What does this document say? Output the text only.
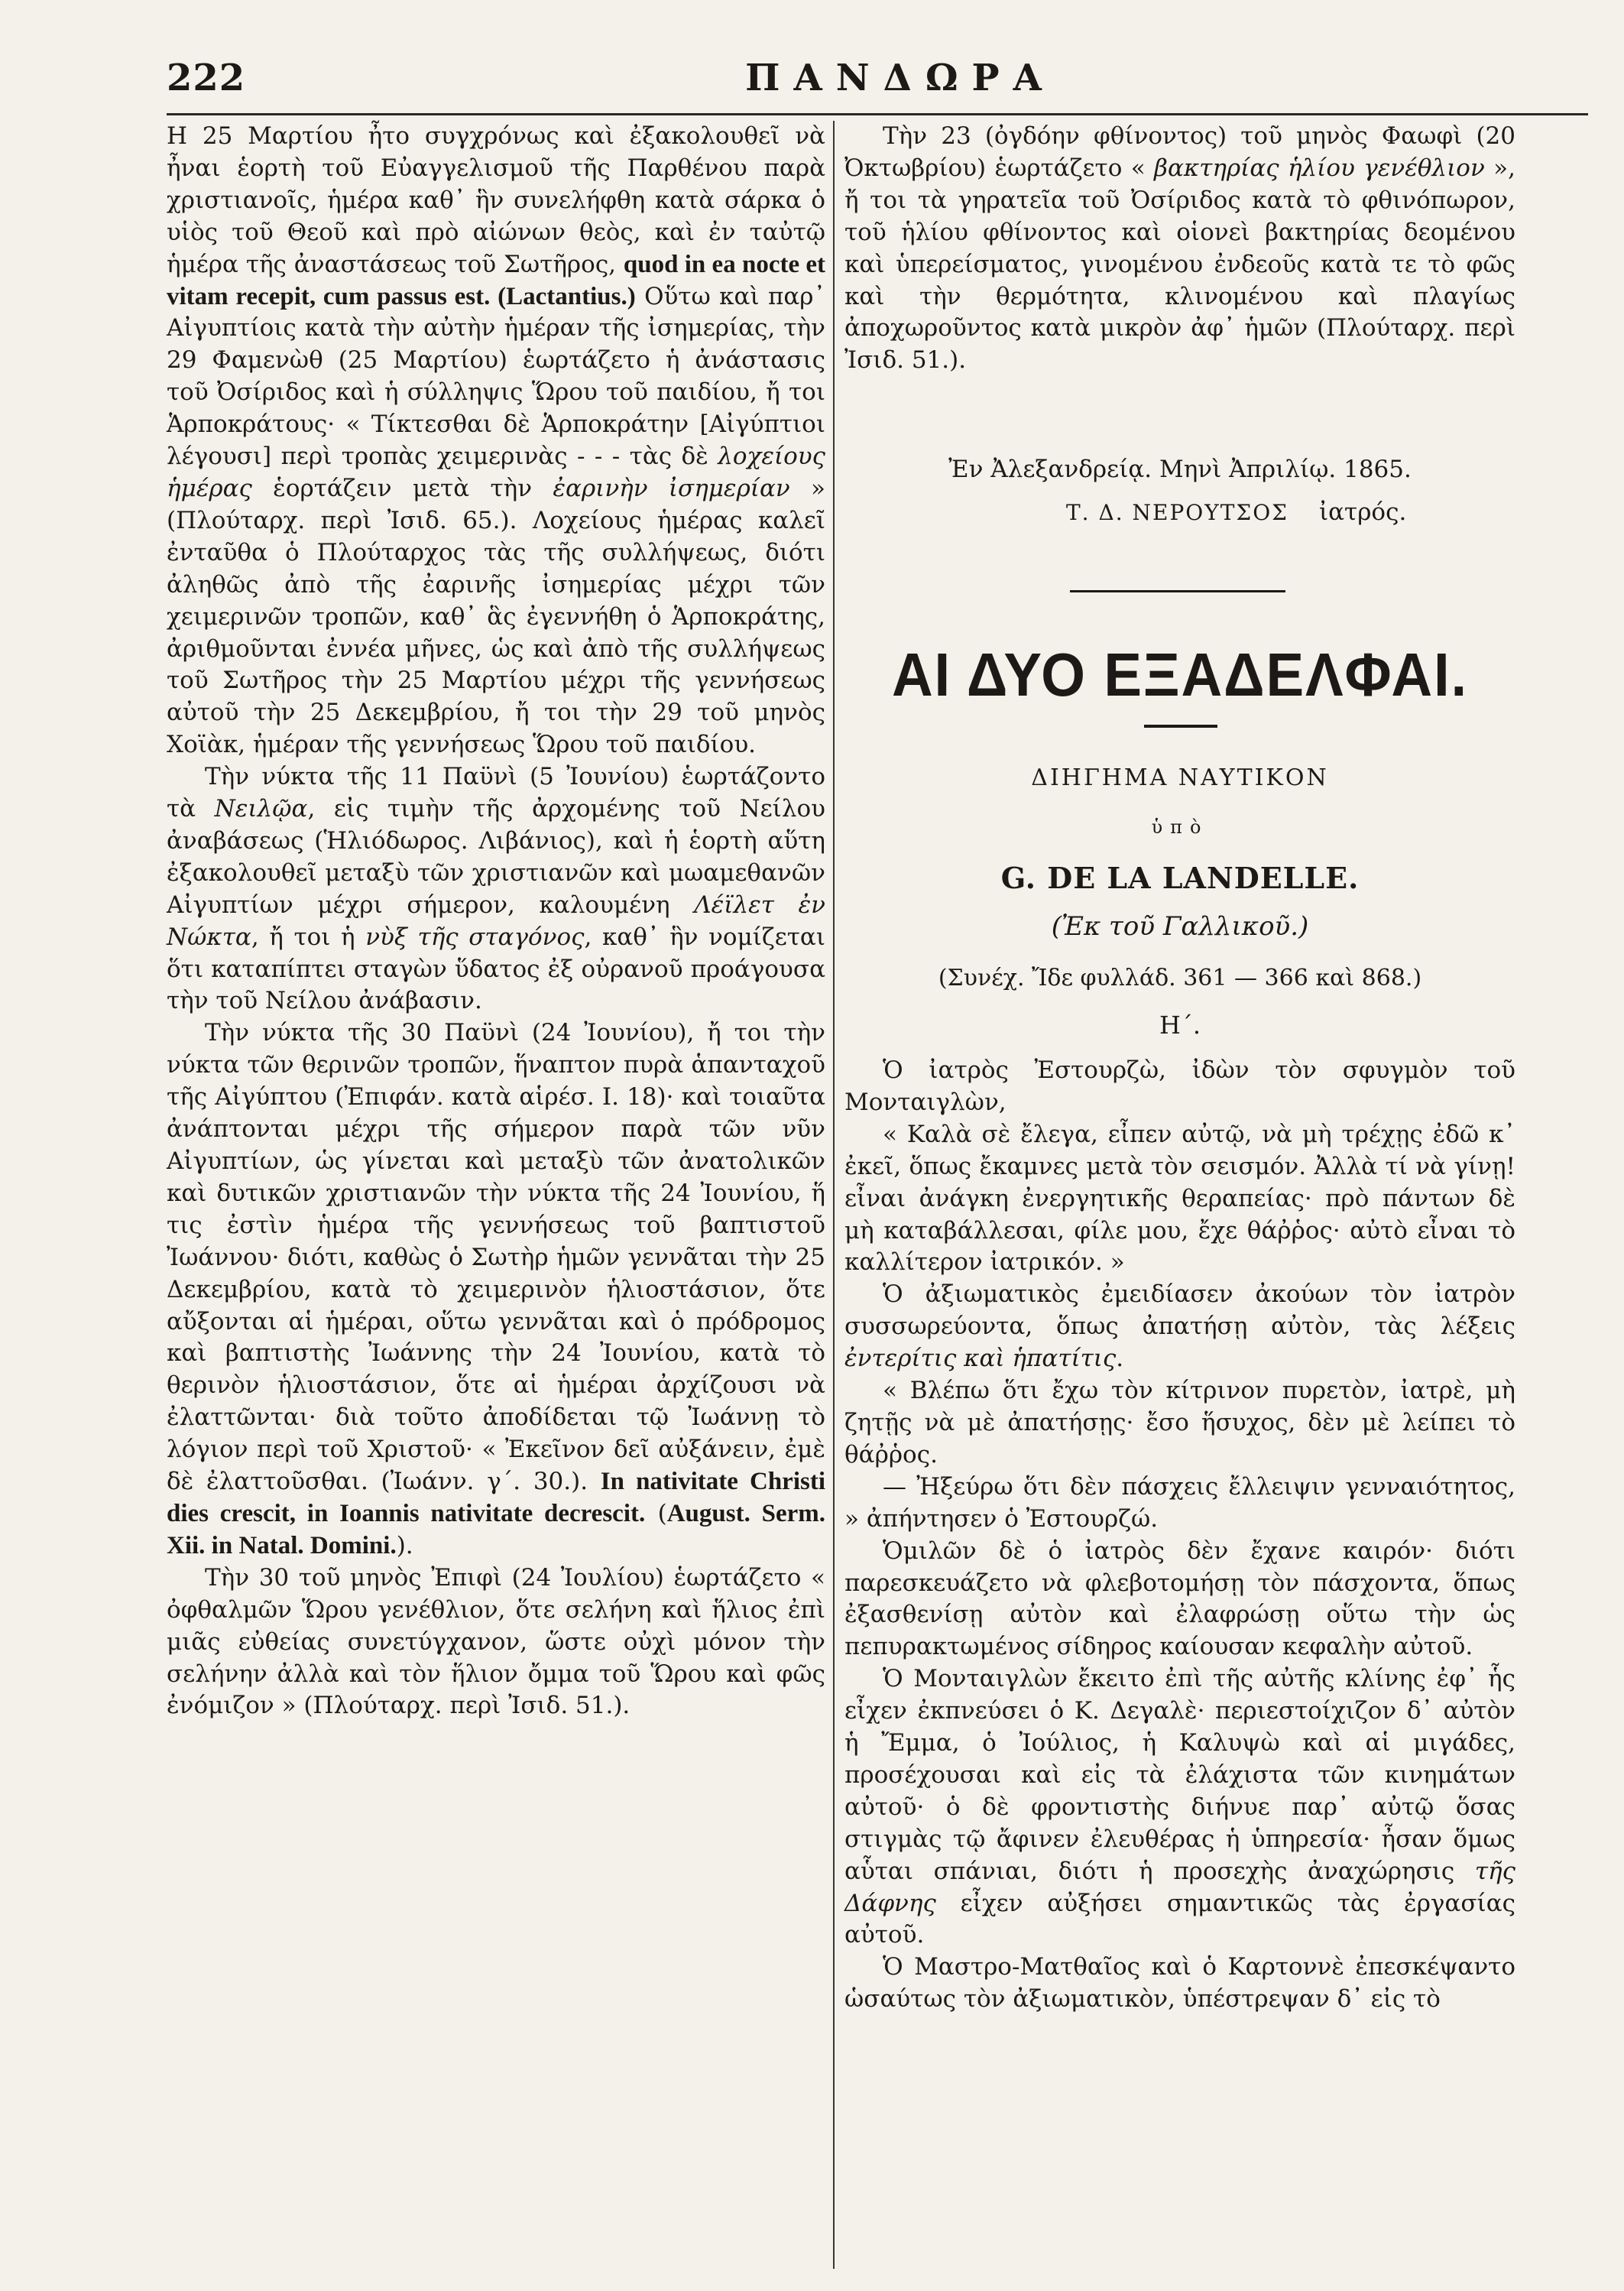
222	ΠΑΝΔΩΡΑ

Η 25 Μαρτίου ἦτο συγχρόνως καὶ ἐξακολουθεῖ νὰ ἦναι ἑορτὴ τοῦ Εὐαγγελισμοῦ τῆς Παρθένου παρὰ χριστιανοῖς, ἡμέρα καθ᾿ ἣν συνελήφθη κατὰ σάρκα ὁ υἱὸς τοῦ Θεοῦ καὶ πρὸ αἰώνων θεὸς, καὶ ἐν ταὐτῷ ἡμέρα τῆς ἀναστάσεως τοῦ Σωτῆρος, quod in ea nocte et vitam recepit, cum passus est. (Lactantius.) Οὕτω καὶ παρ᾿ Αἰγυπτίοις κατὰ τὴν αὐτὴν ἡμέραν τῆς ἰσημερίας, τὴν 29 Φαμενὼθ (25 Μαρτίου) ἑωρτάζετο ἡ ἀνάστασις τοῦ Ὀσίριδος καὶ ἡ σύλληψις Ὥρου τοῦ παιδίου, ἤ τοι Ἁρποκράτους· « Τίκτεσθαι δὲ Ἁρποκράτην [Αἰγύπτιοι λέγουσι] περὶ τροπὰς χειμερινὰς - - - τὰς δὲ λοχείους ἡμέρας ἑορτάζειν μετὰ τὴν ἐαρινὴν ἰσημερίαν » (Πλούταρχ. περὶ Ἰσιδ. 65.). Λοχείους ἡμέρας καλεῖ ἐνταῦθα ὁ Πλούταρχος τὰς τῆς συλλήψεως, διότι ἀληθῶς ἀπὸ τῆς ἐαρινῆς ἰσημερίας μέχρι τῶν χειμερινῶν τροπῶν, καθ᾿ ἃς ἐγεννήθη ὁ Ἁρποκράτης, ἀριθμοῦνται ἐννέα μῆνες, ὡς καὶ ἀπὸ τῆς συλλήψεως τοῦ Σωτῆρος τὴν 25 Μαρτίου μέχρι τῆς γεννήσεως αὐτοῦ τὴν 25 Δεκεμβρίου, ἤ τοι τὴν 29 τοῦ μηνὸς Χοϊὰκ, ἡμέραν τῆς γεννήσεως Ὥρου τοῦ παιδίου.

Τὴν νύκτα τῆς 11 Παϋνὶ (5 Ἰουνίου) ἑωρτάζοντο τὰ Νειλῷα, εἰς τιμὴν τῆς ἀρχομένης τοῦ Νείλου ἀναβάσεως (Ἡλιόδωρος. Λιβάνιος), καὶ ἡ ἑορτὴ αὕτη ἐξακολουθεῖ μεταξὺ τῶν χριστιανῶν καὶ μωαμεθανῶν Αἰγυπτίων μέχρι σήμερον, καλουμένη Λέϊλετ ἐν Νώκτα, ἤ τοι ἡ νὺξ τῆς σταγόνος, καθ᾿ ἣν νομίζεται ὅτι καταπίπτει σταγὼν ὕδατος ἐξ οὐρανοῦ προάγουσα τὴν τοῦ Νείλου ἀνάβασιν.

Τὴν νύκτα τῆς 30 Παϋνὶ (24 Ἰουνίου), ἤ τοι τὴν νύκτα τῶν θερινῶν τροπῶν, ἥναπτον πυρὰ ἁπανταχοῦ τῆς Αἰγύπτου (Ἐπιφάν. κατὰ αἱρέσ. I. 18)· καὶ τοιαῦτα ἀνάπτονται μέχρι τῆς σήμερον παρὰ τῶν νῦν Αἰγυπτίων, ὡς γίνεται καὶ μεταξὺ τῶν ἀνατολικῶν καὶ δυτικῶν χριστιανῶν τὴν νύκτα τῆς 24 Ἰουνίου, ἥ τις ἐστὶν ἡμέρα τῆς γεννήσεως τοῦ βαπτιστοῦ Ἰωάννου· διότι, καθὼς ὁ Σωτὴρ ἡμῶν γεννᾶται τὴν 25 Δεκεμβρίου, κατὰ τὸ χειμερινὸν ἡλιοστάσιον, ὅτε αὔξονται αἱ ἡμέραι, οὕτω γεννᾶται καὶ ὁ πρόδρομος καὶ βαπτιστὴς Ἰωάννης τὴν 24 Ἰουνίου, κατὰ τὸ θερινὸν ἡλιοστάσιον, ὅτε αἱ ἡμέραι ἀρχίζουσι νὰ ἐλαττῶνται· διὰ τοῦτο ἀποδίδεται τῷ Ἰωάννῃ τὸ λόγιον περὶ τοῦ Χριστοῦ· « Ἐκεῖνον δεῖ αὐξάνειν, ἐμὲ δὲ ἐλαττοῦσθαι. (Ἰωάνν. γ΄. 30.). In nativitate Christi dies crescit, in Ioannis nativitate decrescit. (August. Serm. Xii. in Natal. Domini.).

Τὴν 30 τοῦ μηνὸς Ἐπιφὶ (24 Ἰουλίου) ἑωρτάζετο « ὀφθαλμῶν Ὥρου γενέθλιον, ὅτε σελήνη καὶ ἥλιος ἐπὶ μιᾶς εὐθείας συνετύγχανον, ὥστε οὐχὶ μόνον τὴν σελήνην ἀλλὰ καὶ τὸν ἥλιον ὄμμα τοῦ Ὥρου καὶ φῶς ἐνόμιζον » (Πλούταρχ. περὶ Ἰσιδ. 51.).

Τὴν 23 (ὀγδόην φθίνοντος) τοῦ μηνὸς Φαωφὶ (20 Ὀκτωβρίου) ἑωρτάζετο « βακτηρίας ἡλίου γενέθλιον », ἤ τοι τὰ γηρατεῖα τοῦ Ὀσίριδος κατὰ τὸ φθινόπωρον, τοῦ ἡλίου φθίνοντος καὶ οἱονεὶ βακτηρίας δεομένου καὶ ὑπερείσματος, γινομένου ἐνδεοῦς κατὰ τε τὸ φῶς καὶ τὴν θερμότητα, κλινομένου καὶ πλαγίως ἀποχωροῦντος κατὰ μικρὸν ἀφ᾿ ἡμῶν (Πλούταρχ. περὶ Ἰσιδ. 51.).

Ἐν Ἀλεξανδρείᾳ. Μηνὶ Ἀπριλίῳ. 1865.
Τ. Δ. ΝΕΡΟΥΤΣΟΣ ἰατρός.
ΑΙ ΔΥΟ ΕΞΑΔΕΛΦΑΙ.
ΔΙΗΓΗΜΑ ΝΑΥΤΙΚΟΝ
ὑπὸ
G. DE LA LANDELLE.
(Ἐκ τοῦ Γαλλικοῦ.)
(Συνέχ. Ἴδε φυλλάδ. 361 — 366 καὶ 868.)
Η΄.

Ὁ ἰατρὸς Ἐστουρζὼ, ἰδὼν τὸν σφυγμὸν τοῦ Μονταιγλὼν,

« Καλὰ σὲ ἔλεγα, εἶπεν αὐτῷ, νὰ μὴ τρέχῃς ἐδῶ κ᾿ ἐκεῖ, ὅπως ἔκαμνες μετὰ τὸν σεισμόν. Ἀλλὰ τί νὰ γίνῃ! εἶναι ἀνάγκη ἐνεργητικῆς θεραπείας· πρὸ πάντων δὲ μὴ καταβάλλεσαι, φίλε μου, ἔχε θάῤῥος· αὐτὸ εἶναι τὸ καλλίτερον ἰατρικόν. »

Ὁ ἀξιωματικὸς ἐμειδίασεν ἀκούων τὸν ἰατρὸν συσσωρεύοντα, ὅπως ἀπατήσῃ αὐτὸν, τὰς λέξεις ἐντερίτις καὶ ἡπατίτις.

« Βλέπω ὅτι ἔχω τὸν κίτρινον πυρετὸν, ἰατρὲ, μὴ ζητῇς νὰ μὲ ἀπατήσῃς· ἔσο ἥσυχος, δὲν μὲ λείπει τὸ θάῤῥος.

— Ἠξεύρω ὅτι δὲν πάσχεις ἔλλειψιν γενναιότητος, » ἀπήντησεν ὁ Ἐστουρζώ.

Ὁμιλῶν δὲ ὁ ἰατρὸς δὲν ἔχανε καιρόν· διότι παρεσκευάζετο νὰ φλεβοτομήσῃ τὸν πάσχοντα, ὅπως ἐξασθενίσῃ αὐτὸν καὶ ἐλαφρώσῃ οὕτω τὴν ὡς πεπυρακτωμένος σίδηρος καίουσαν κεφαλὴν αὐτοῦ.

Ὁ Μονταιγλὼν ἔκειτο ἐπὶ τῆς αὐτῆς κλίνης ἐφ᾿ ἧς εἶχεν ἐκπνεύσει ὁ Κ. Δεγαλὲ· περιεστοίχιζον δ᾿ αὐτὸν ἡ Ἔμμα, ὁ Ἰούλιος, ἡ Καλυψὼ καὶ αἱ μιγάδες, προσέχουσαι καὶ εἰς τὰ ἐλάχιστα τῶν κινημάτων αὐτοῦ· ὁ δὲ φροντιστὴς διήνυε παρ᾿ αὐτῷ ὅσας στιγμὰς τῷ ἄφινεν ἐλευθέρας ἡ ὑπηρεσία· ἦσαν ὅμως αὗται σπάνιαι, διότι ἡ προσεχὴς ἀναχώρησις τῆς Δάφνης εἶχεν αὐξήσει σημαντικῶς τὰς ἐργασίας αὐτοῦ.

Ὁ Μαστρο-Ματθαῖος καὶ ὁ Καρτοννὲ ἐπεσκέψαντο ὡσαύτως τὸν ἀξιωματικὸν, ὑπέστρεψαν δ᾿ εἰς τὸ
